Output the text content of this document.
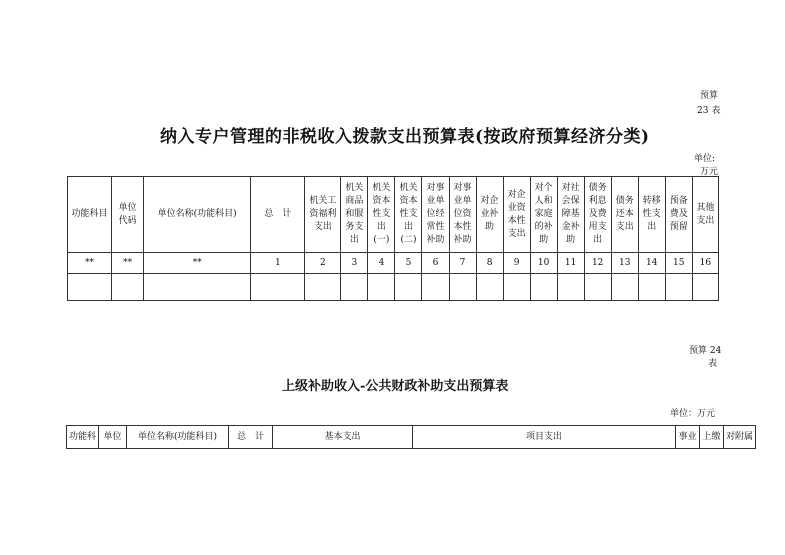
预算
23 表
纳入专户管理的非税收入拨款支出预算表(按政府预算经济分类)
单位:
万元
功能科目	单位代码	单位名称(功能科目)	总　计	机关工资福利支出	机关商品和服务支出	机关资本性支出(一)	机关资本性支出(二)	对事业单位经常性补助	对事业单位资本性补助	对企业补助	对企业资本性支出	对个人和家庭的补助	对社会保障基金补助	债务利息及费用支出	债务还本支出	转移性支出	预备费及预留	其他支出

**	**	**	1	2	3	4	5	6	7	8	9	10	11	12	13	14	15	16

预算 24
表
上级补助收入-公共财政补助支出预算表
单位：万元
功能科	单位	单位名称(功能科目)	总　计	基本支出	项目支出	事业	上缴	对附属
